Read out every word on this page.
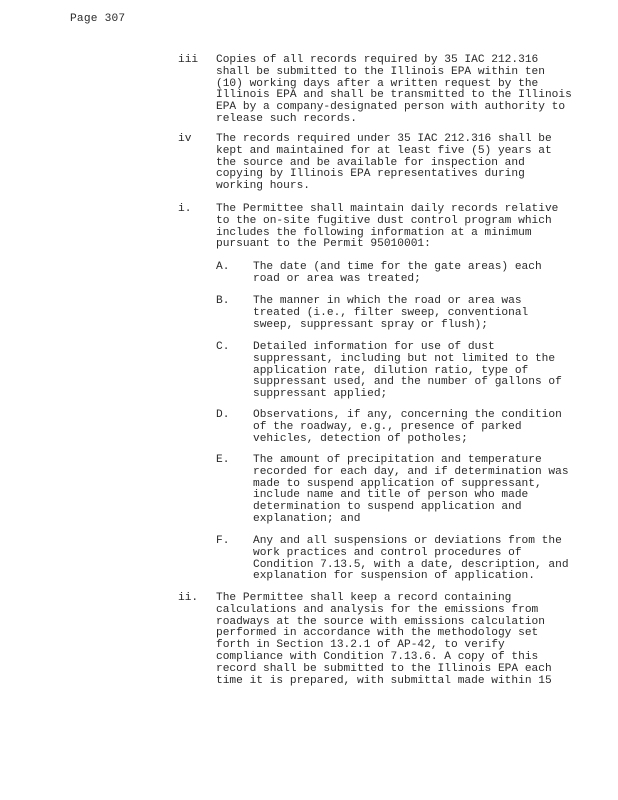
Page 307
iii Copies of all records required by 35 IAC 212.316
shall be submitted to the Illinois EPA within ten
(10) working days after a written request by the
Illinois EPA and shall be transmitted to the Illinois
EPA by a company-designated person with authority to
release such records.
iv The records required under 35 IAC 212.316 shall be
kept and maintained for at least five (5) years at
the source and be available for inspection and
copying by Illinois EPA representatives during
working hours.
i. The Permittee shall maintain daily records relative
to the on-site fugitive dust control program which
includes the following information at a minimum
pursuant to the Permit 95010001:
A. The date (and time for the gate areas) each
road or area was treated;
B. The manner in which the road or area was
treated (i.e., filter sweep, conventional
sweep, suppressant spray or flush);
C. Detailed information for use of dust
suppressant, including but not limited to the
application rate, dilution ratio, type of
suppressant used, and the number of gallons of
suppressant applied;
D. Observations, if any, concerning the condition
of the roadway, e.g., presence of parked
vehicles, detection of potholes;
E. The amount of precipitation and temperature
recorded for each day, and if determination was
made to suspend application of suppressant,
include name and title of person who made
determination to suspend application and
explanation; and
F. Any and all suspensions or deviations from the
work practices and control procedures of
Condition 7.13.5, with a date, description, and
explanation for suspension of application.
ii. The Permittee shall keep a record containing
calculations and analysis for the emissions from
roadways at the source with emissions calculation
performed in accordance with the methodology set
forth in Section 13.2.1 of AP-42, to verify
compliance with Condition 7.13.6. A copy of this
record shall be submitted to the Illinois EPA each
time it is prepared, with submittal made within 15
